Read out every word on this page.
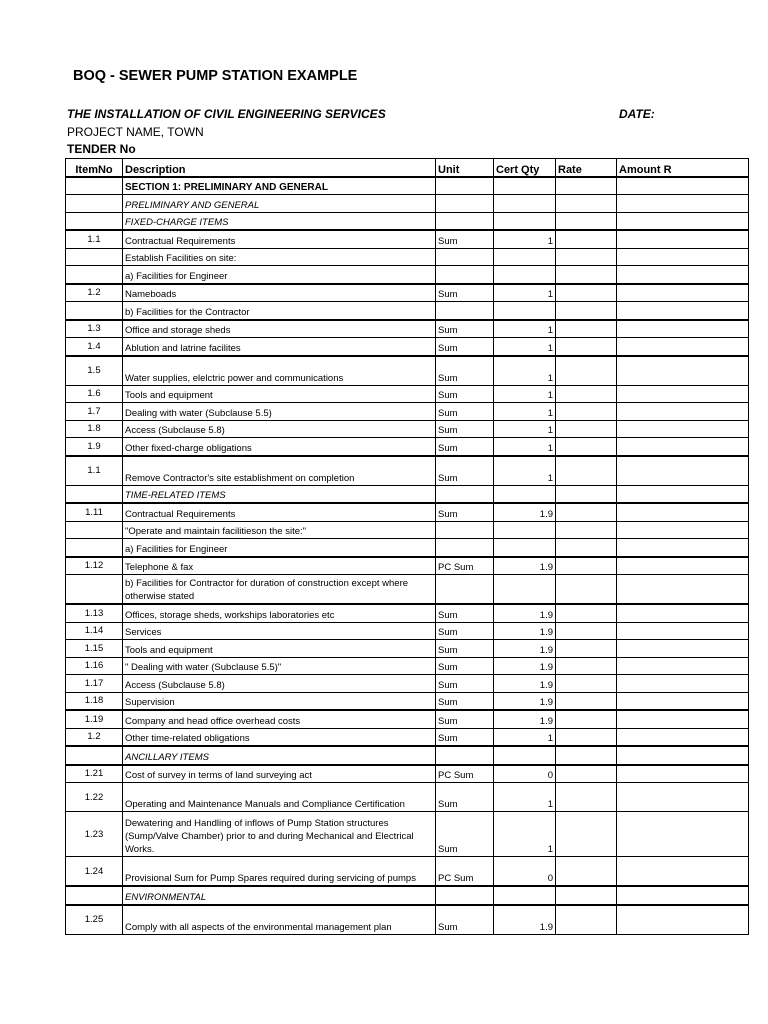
BOQ - SEWER PUMP STATION EXAMPLE
THE INSTALLATION OF CIVIL ENGINEERING SERVICES	DATE:
PROJECT NAME, TOWN
TENDER No
ItemNo	Description	Unit	Cert Qty	Rate	Amount R
	SECTION 1: PRELIMINARY AND GENERAL				
	PRELIMINARY AND GENERAL				
	FIXED-CHARGE ITEMS				
1.1	Contractual Requirements	Sum	1		
	Establish Facilities on site:				
	a) Facilities for Engineer				
1.2	Nameboads	Sum	1		
	b) Facilities for the Contractor				
1.3	Office and storage sheds	Sum	1		
1.4	Ablution and latrine facilites	Sum	1		
1.5	Water supplies, elelctric power and communications	Sum	1		
1.6	Tools and equipment	Sum	1		
1.7	Dealing with water (Subclause 5.5)	Sum	1		
1.8	Access (Subclause 5.8)	Sum	1		
1.9	Other fixed-charge obligations	Sum	1		
1.1	Remove Contractor's site establishment on completion	Sum	1		
	TIME-RELATED ITEMS				
1.11	Contractual Requirements	Sum	1.9		
	"Operate and maintain facilitieson the site:"				
	a) Facilities for Engineer				
1.12	Telephone & fax	PC Sum	1.9		
	b) Facilities for Contractor for duration of construction except where otherwise stated				
1.13	Offices, storage sheds, workships laboratories etc	Sum	1.9		
1.14	Services	Sum	1.9		
1.15	Tools and equipment	Sum	1.9		
1.16	" Dealing with water (Subclause 5.5)"	Sum	1.9		
1.17	Access (Subclause 5.8)	Sum	1.9		
1.18	Supervision	Sum	1.9		
1.19	Company and head office overhead costs	Sum	1.9		
1.2	Other time-related obligations	Sum	1		
	ANCILLARY ITEMS				
1.21	Cost of survey in terms of land surveying act	PC Sum	0		
1.22	Operating and Maintenance Manuals and Compliance Certification	Sum	1		
1.23	Dewatering and Handling of inflows of Pump Station structures (Sump/Valve Chamber) prior to and during Mechanical and Electrical Works.	Sum	1		
1.24	Provisional Sum for Pump Spares required during servicing of pumps	PC Sum	0		
	ENVIRONMENTAL				
1.25	Comply with all aspects of the environmental management plan	Sum	1.9		
